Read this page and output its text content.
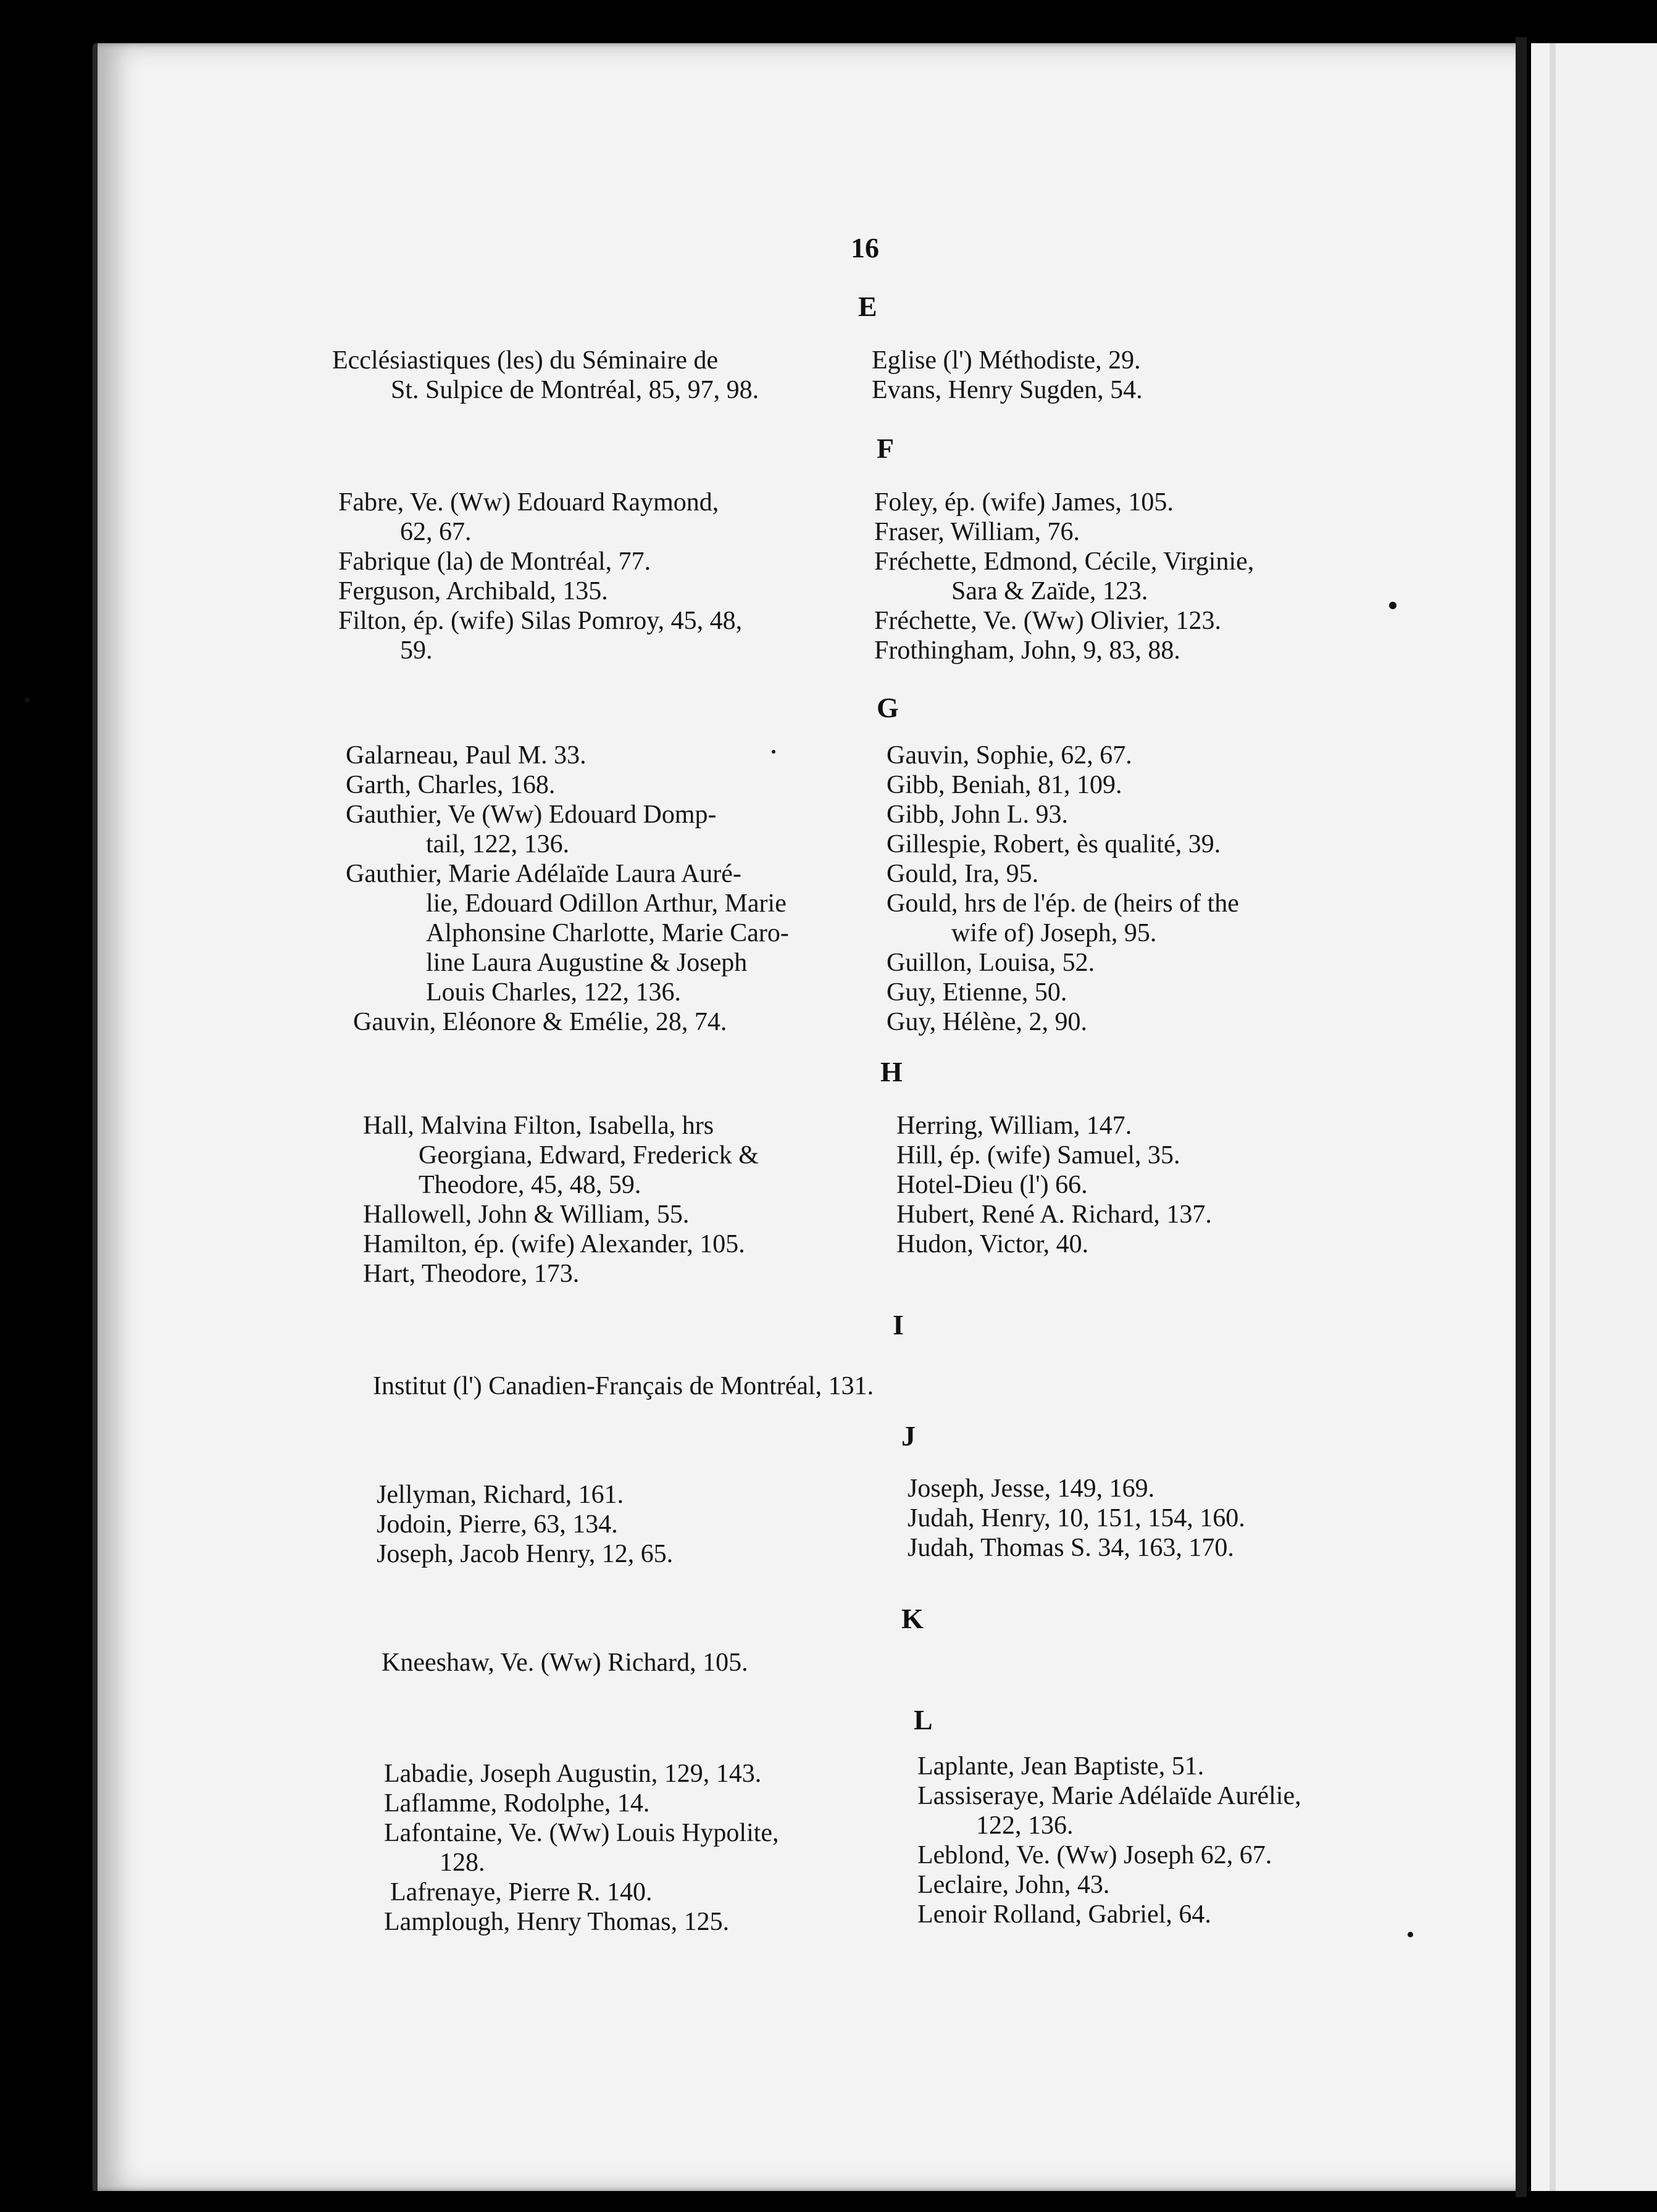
16
E
Ecclésiastiques (les) du Séminaire de
St. Sulpice de Montréal, 85, 97, 98.
Eglise (l') Méthodiste, 29.
Evans, Henry Sugden, 54.
F
Fabre, Ve. (Ww) Edouard Raymond,
62, 67.
Fabrique (la) de Montréal, 77.
Ferguson, Archibald, 135.
Filton, ép. (wife) Silas Pomroy, 45, 48,
59.
Foley, ép. (wife) James, 105.
Fraser, William, 76.
Fréchette, Edmond, Cécile, Virginie,
Sara & Zaïde, 123.
Fréchette, Ve. (Ww) Olivier, 123.
Frothingham, John, 9, 83, 88.
G
Galarneau, Paul M. 33.
Garth, Charles, 168.
Gauthier, Ve (Ww) Edouard Domp-
tail, 122, 136.
Gauthier, Marie Adélaïde Laura Auré-
lie, Edouard Odillon Arthur, Marie
Alphonsine Charlotte, Marie Caro-
line Laura Augustine & Joseph
Louis Charles, 122, 136.
Gauvin, Eléonore & Emélie, 28, 74.
Gauvin, Sophie, 62, 67.
Gibb, Beniah, 81, 109.
Gibb, John L. 93.
Gillespie, Robert, ès qualité, 39.
Gould, Ira, 95.
Gould, hrs de l'ép. de (heirs of the
wife of) Joseph, 95.
Guillon, Louisa, 52.
Guy, Etienne, 50.
Guy, Hélène, 2, 90.
H
Hall, Malvina Filton, Isabella, hrs
Georgiana, Edward, Frederick &
Theodore, 45, 48, 59.
Hallowell, John & William, 55.
Hamilton, ép. (wife) Alexander, 105.
Hart, Theodore, 173.
Herring, William, 147.
Hill, ép. (wife) Samuel, 35.
Hotel-Dieu (l') 66.
Hubert, René A. Richard, 137.
Hudon, Victor, 40.
I
Institut (l') Canadien-Français de Montréal, 131.
J
Jellyman, Richard, 161.
Jodoin, Pierre, 63, 134.
Joseph, Jacob Henry, 12, 65.
Joseph, Jesse, 149, 169.
Judah, Henry, 10, 151, 154, 160.
Judah, Thomas S. 34, 163, 170.
K
Kneeshaw, Ve. (Ww) Richard, 105.
L
Labadie, Joseph Augustin, 129, 143.
Laflamme, Rodolphe, 14.
Lafontaine, Ve. (Ww) Louis Hypolite,
128.
Lafrenaye, Pierre R. 140.
Lamplough, Henry Thomas, 125.
Laplante, Jean Baptiste, 51.
Lassiseraye, Marie Adélaïde Aurélie,
122, 136.
Leblond, Ve. (Ww) Joseph 62, 67.
Leclaire, John, 43.
Lenoir Rolland, Gabriel, 64.
